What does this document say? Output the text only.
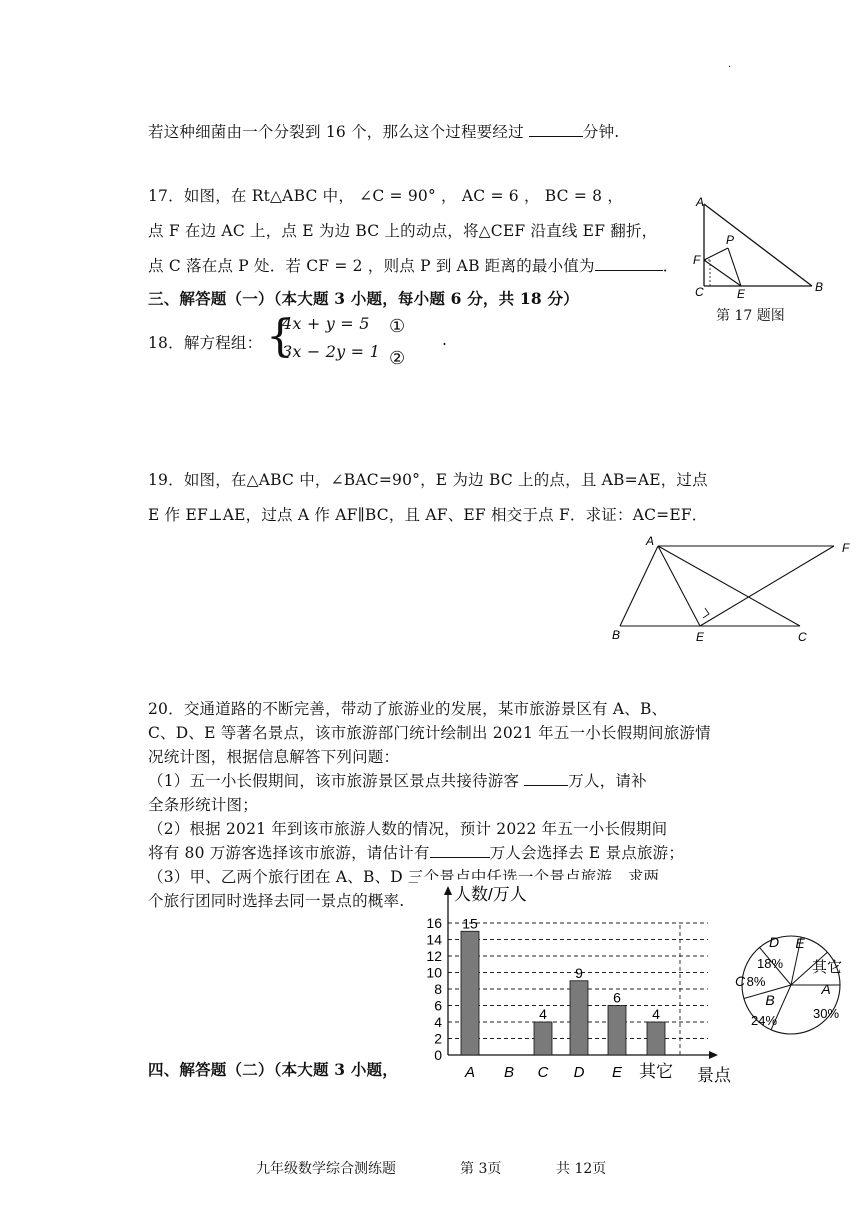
·
若这种细菌由一个分裂到 16 个，那么这个过程要经过	分钟.
17．如图，在 Rt△ABC 中， ∠C = 90° ， AC = 6 ， BC = 8 ，
点 F 在边 AC 上，点 E 为边 BC 上的动点，将△CEF 沿直线 EF 翻折，
点 C 落在点 P 处．若 CF = 2 ，则点 P 到 AB 距离的最小值为	．
A
B
C	E
F
P
第 17 题图
三、解答题（一）（本大题 3 小题，每小题 6 分，共 18 分）
18．解方程组： {
4x + y = 5
3x − 2y = 1
①
②
.
19．如图，在△ABC 中，∠BAC=90°，E 为边 BC 上的点，且 AB=AE，过点
E 作 EF⊥AE，过点 A 作 AF∥BC，且 AF、EF 相交于点 F．求证：AC=EF．
A
B	C
E
F
20．交通道路的不断完善，带动了旅游业的发展，某市旅游景区有 A、B、
C、D、E 等著名景点，该市旅游部门统计绘制出 2021 年五一小长假期间旅游情
况统计图，根据信息解答下列问题：
（1）五一小长假期间，该市旅游景区景点共接待游客	万人，请补
全条形统计图；
（2）根据 2021 年到该市旅游人数的情况，预计 2022 年五一小长假期间
将有 80 万游客选择该市旅游，请估计有	万人会选择去 E 景点旅游；
（3）甲、乙两个旅行团在 A、B、D 三个景点中任选一个景点旅游，求两
个旅行团同时选择去同一景点的概率.
四、解答题（二）（本大题 3 小题，
0
2
4
6
8
10
12
14
16
人数/万人
15
A B
4
C
9
D
6
E
4
其它 景点
A
30%
其它
E
D
18%
C 8%
B
24%
九年级数学综合测练题	第 3页	共 12页
